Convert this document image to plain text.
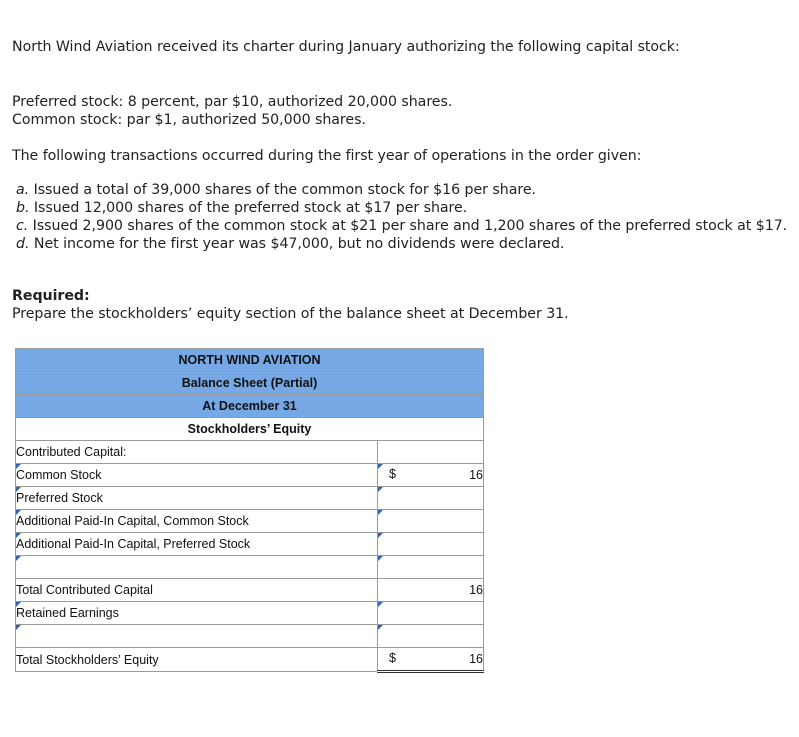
North Wind Aviation received its charter during January authorizing the following capital stock:

Preferred stock: 8 percent, par $10, authorized 20,000 shares.

Common stock: par $1, authorized 50,000 shares.

The following transactions occurred during the first year of operations in the order given:

a. Issued a total of 39,000 shares of the common stock for $16 per share.

b. Issued 12,000 shares of the preferred stock at $17 per share.

c. Issued 2,900 shares of the common stock at $21 per share and 1,200 shares of the preferred stock at $17.

d. Net income for the first year was $47,000, but no dividends were declared.

Required:

Prepare the stockholders’ equity section of the balance sheet at December 31.

NORTH WIND AVIATION	
Balance Sheet (Partial)	
At December 31	
Stockholders’ Equity	
Contributed Capital:	
Common Stock	$ 16
Preferred Stock	
Additional Paid-In Capital, Common Stock	
Additional Paid-In Capital, Preferred Stock	

Total Contributed Capital	16
Retained Earnings	

Total Stockholders’ Equity	$ 16
